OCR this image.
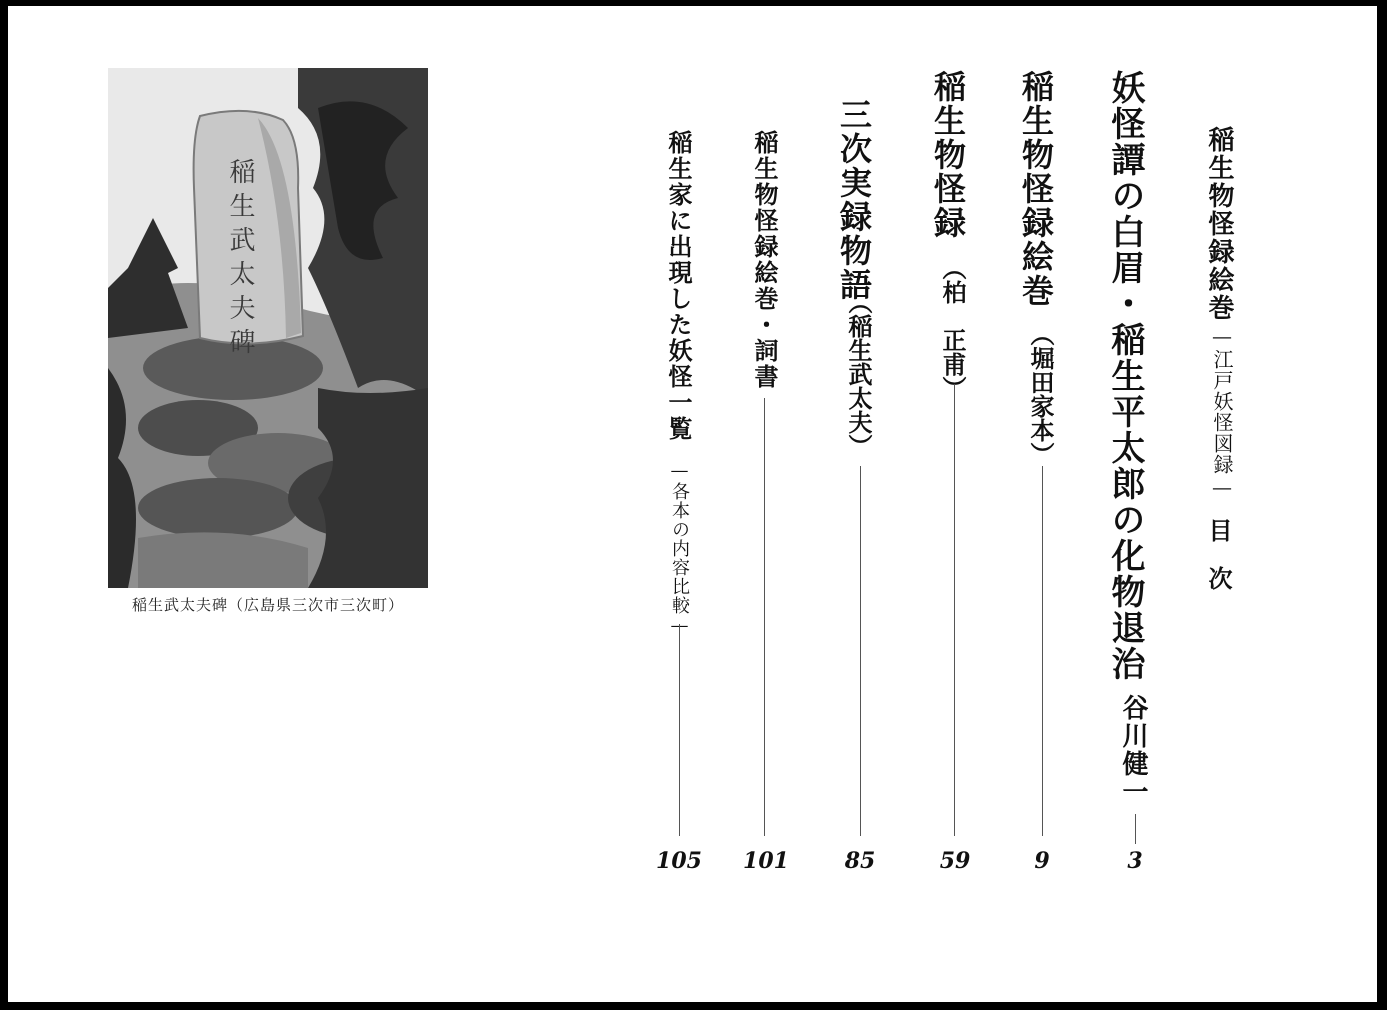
稲生物怪録絵巻
—江戸妖怪図録—
目　次
妖怪譚の白眉・稲生平太郎の化物退治
谷川健一
3
稲生物怪録絵巻
（堀田家本）
9
稲生物怪録
（柏　正甫）
59
三次実録物語
（稲生武太夫）
85
稲生物怪録絵巻・詞書
101
稲生家に出現した妖怪一覧
—各本の内容比較—
105
稲生武太夫碑
稲生武太夫碑（広島県三次市三次町）
